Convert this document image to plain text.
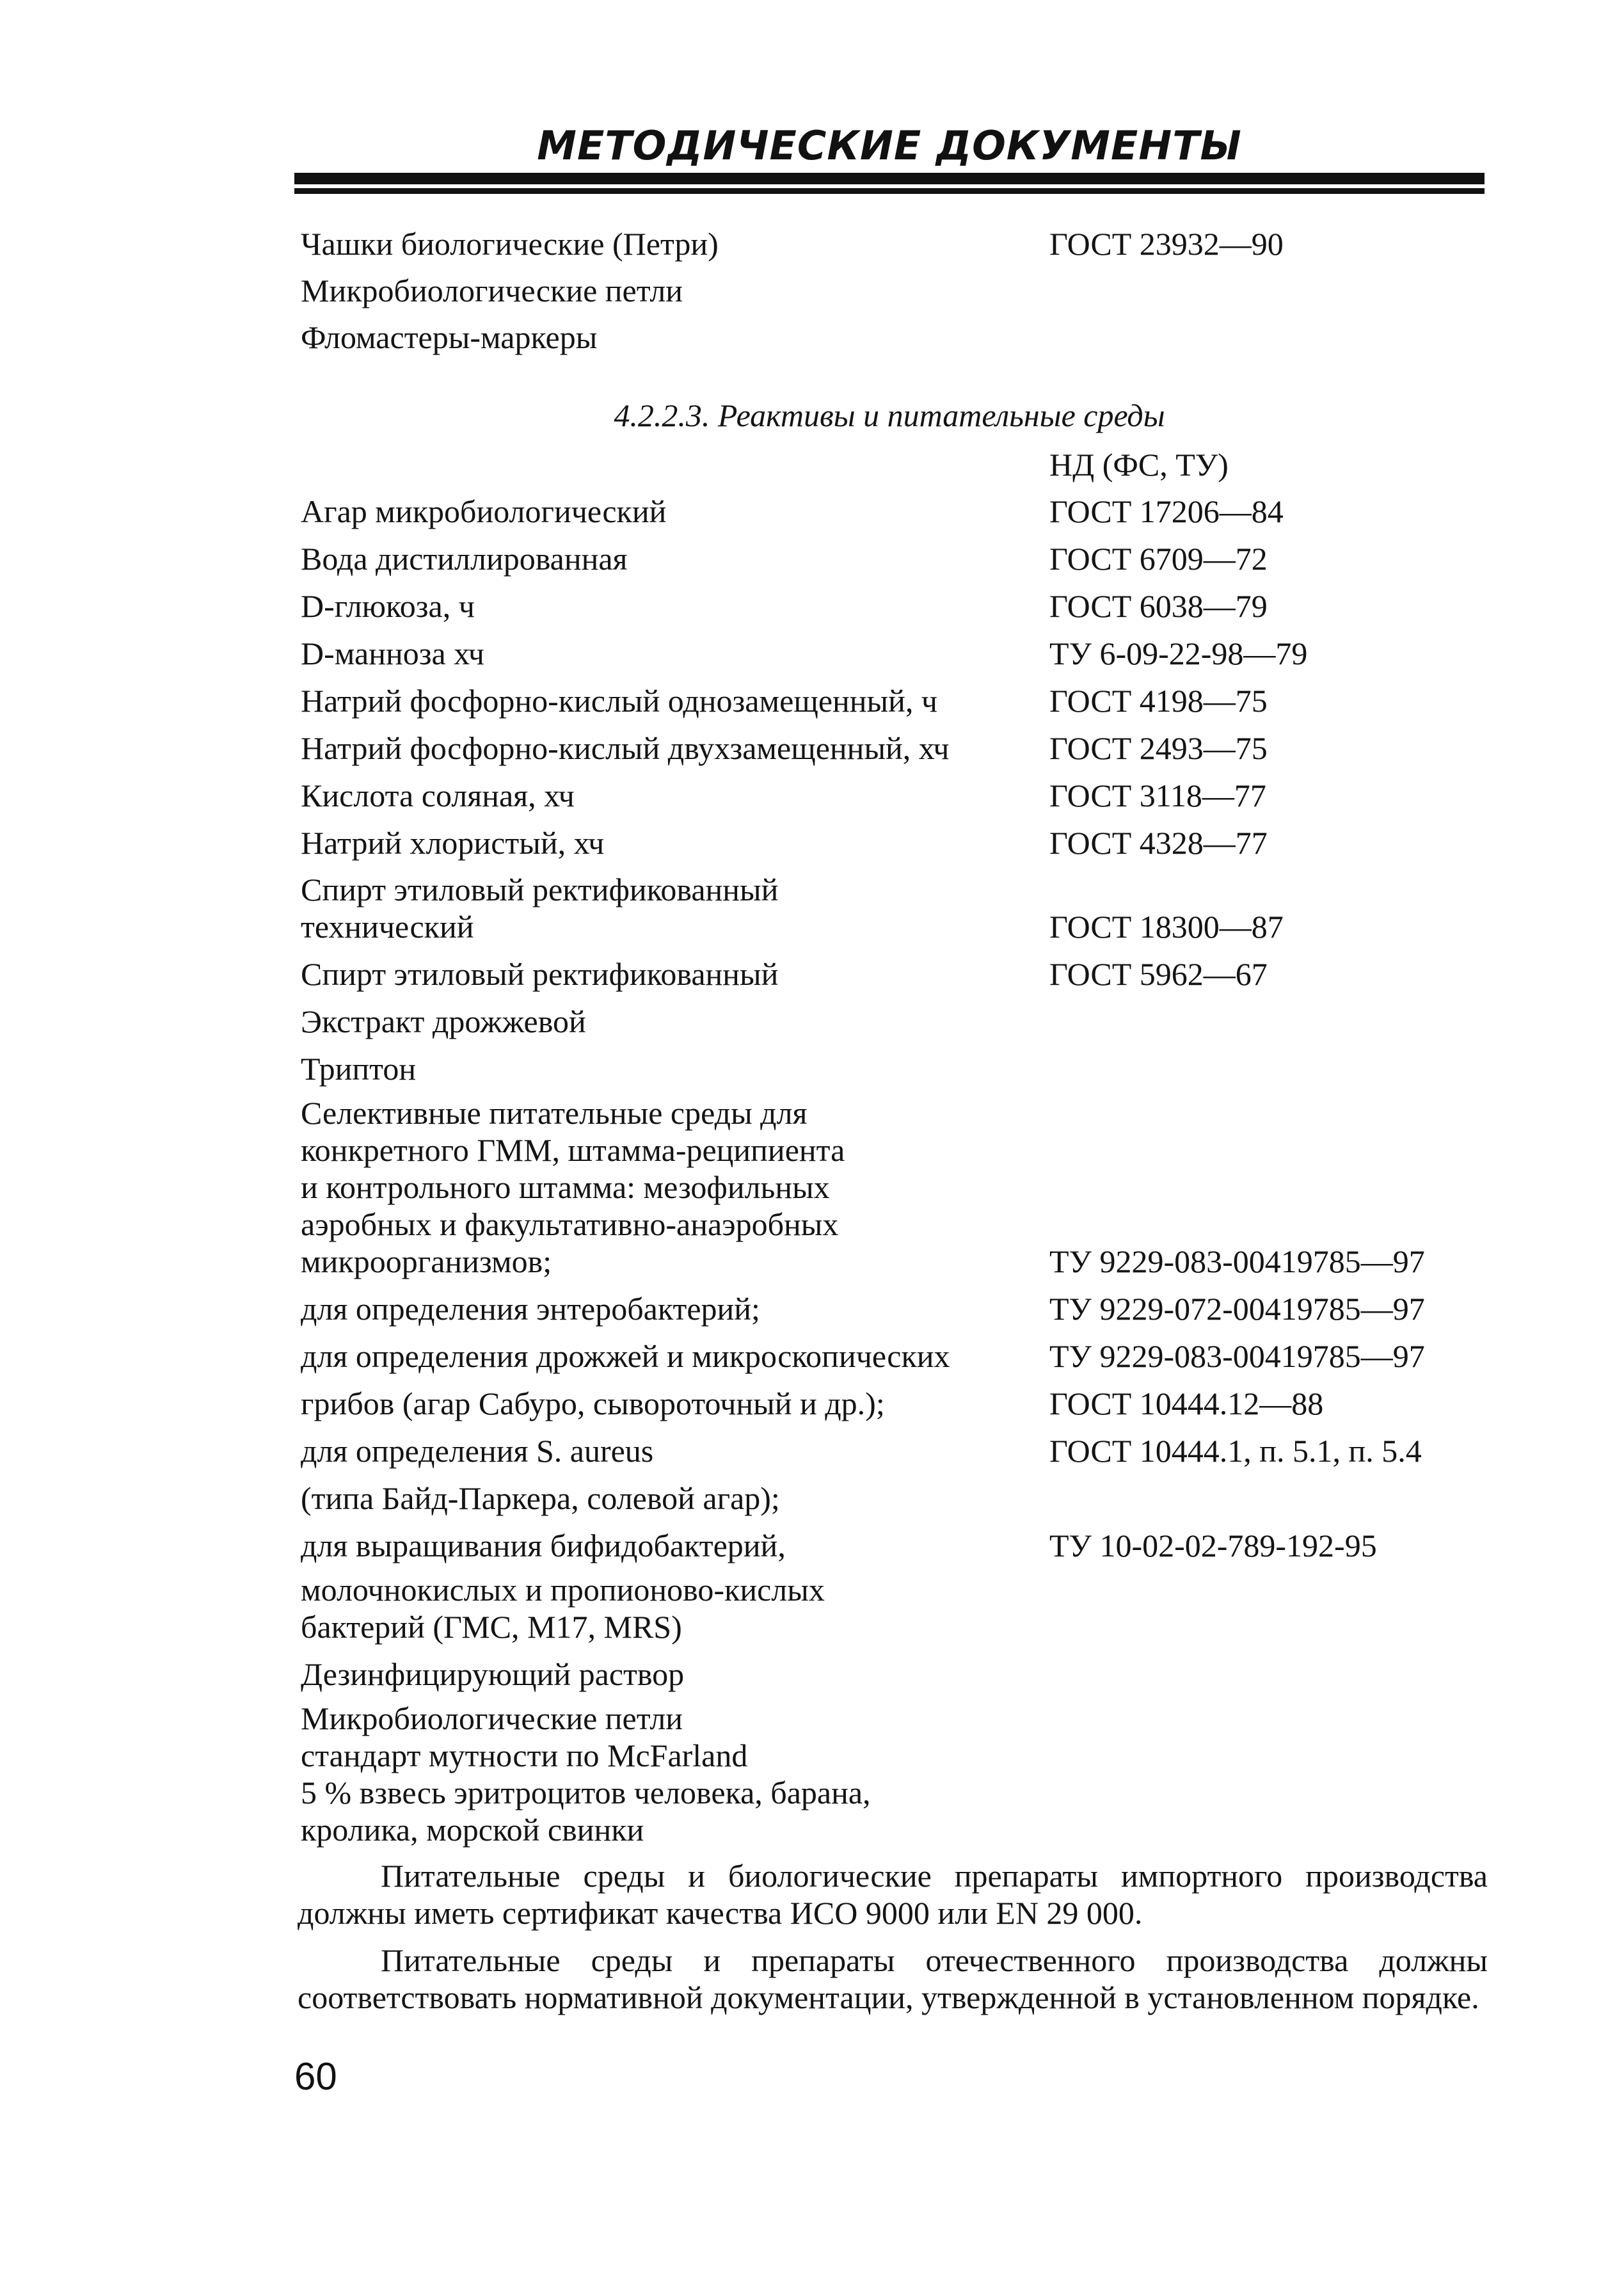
МЕТОДИЧЕСКИЕ ДОКУМЕНТЫ
Чашки биологические (Петри)	ГОСТ 23932—90
Микробиологические петли
Фломастеры-маркеры
4.2.2.3. Реактивы и питательные среды
НД (ФС, ТУ)
Агар микробиологический	ГОСТ 17206—84
Вода дистиллированная	ГОСТ 6709—72
D-глюкоза, ч	ГОСТ 6038—79
D-манноза хч	ТУ 6-09-22-98—79
Натрий фосфорно-кислый однозамещенный, ч	ГОСТ 4198—75
Натрий фосфорно-кислый двухзамещенный, хч	ГОСТ 2493—75
Кислота соляная, хч	ГОСТ 3118—77
Натрий хлористый, хч	ГОСТ 4328—77
Спирт этиловый ректификованный
технический	ГОСТ 18300—87
Спирт этиловый ректификованный	ГОСТ 5962—67
Экстракт дрожжевой
Триптон
Селективные питательные среды для
конкретного ГММ, штамма-реципиента
и контрольного штамма: мезофильных
аэробных и факультативно-анаэробных
микроорганизмов;	ТУ 9229-083-00419785—97
для определения энтеробактерий;	ТУ 9229-072-00419785—97
для определения дрожжей и микроскопических	ТУ 9229-083-00419785—97
грибов (агар Сабуро, сывороточный и др.);	ГОСТ 10444.12—88
для определения S. aureus	ГОСТ 10444.1, п. 5.1, п. 5.4
(типа Байд-Паркера, солевой агар);
для выращивания бифидобактерий,	ТУ 10-02-02-789-192-95
молочнокислых и пропионово-кислых
бактерий (ГМС, М17, MRS)
Дезинфицирующий раствор
Микробиологические петли
стандарт мутности по McFarland
5 % взвесь эритроцитов человека, барана,
кролика, морской свинки

Питательные среды и биологические препараты импортного производства должны иметь сертификат качества ИСО 9000 или EN 29 000.

Питательные среды и препараты отечественного производства должны соответствовать нормативной документации, утвержденной в установленном порядке.

60
